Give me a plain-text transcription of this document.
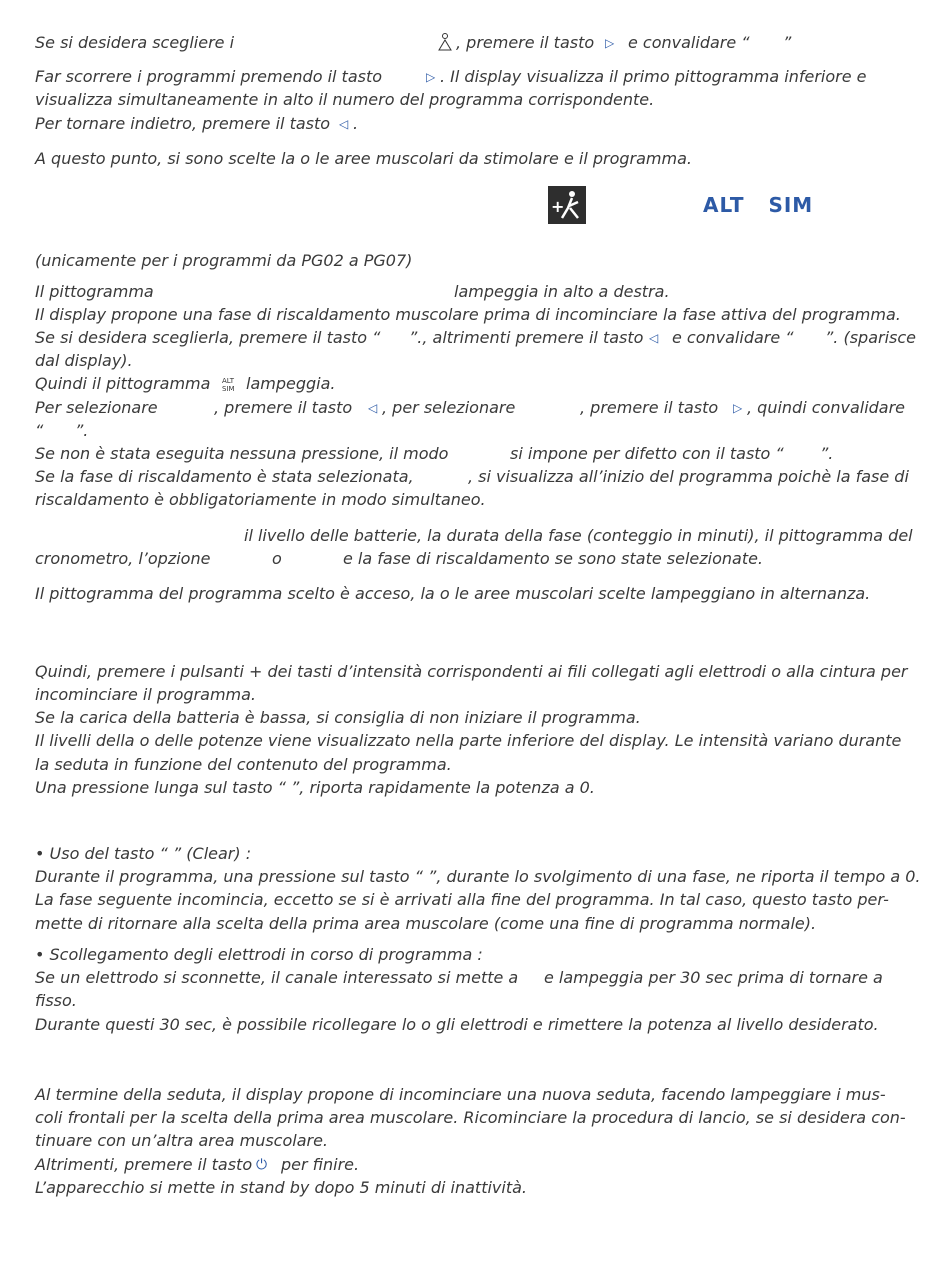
Se si desidera scegliere i	, premere il tasto ▷ e convalidare “ ”
Far scorrere i programmi premendo il tasto	▷ . Il display visualizza il primo pittogramma inferiore e
visualizza simultaneamente in alto il numero del programma corrispondente.
Per tornare indietro, premere il tasto ◁ .
A questo punto, si sono scelte la o le aree muscolari da stimolare e il programma.
+	ALT   SIM
(unicamente per i programmi da PG02 a PG07)
Il pittogramma	lampeggia in alto a destra.
Il display propone una fase di riscaldamento muscolare prima di incominciare la fase attiva del programma.
Se si desidera sceglierla, premere il tasto “ ”., altrimenti premere il tasto ◁ e convalidare “ ”. (sparisce
dal display).
Quindi il pittogramma ALT
SIM lampeggia.
Per selezionare	, premere il tasto ◁ , per selezionare	, premere il tasto ▷ , quindi convalidare
“ ”.
Se non è stata eseguita nessuna pressione, il modo	si impone per difetto con il tasto “ ”.
Se la fase di riscaldamento è stata selezionata,	, si visualizza all’inizio del programma poichè la fase di
riscaldamento è obbligatoriamente in modo simultaneo.
il livello delle batterie, la durata della fase (conteggio in minuti), il pittogramma del
cronometro, l’opzione	o	e la fase di riscaldamento se sono state selezionate.
Il pittogramma del programma scelto è acceso, la o le aree muscolari scelte lampeggiano in alternanza.
Quindi, premere i pulsanti + dei tasti d’intensità corrispondenti ai fili collegati agli elettrodi o alla cintura per
incominciare il programma.
Se la carica della batteria è bassa, si consiglia di non iniziare il programma.
Il livelli della o delle potenze viene visualizzato nella parte inferiore del display. Le intensità variano durante
la seduta in funzione del contenuto del programma.
Una pressione lunga sul tasto “ ”, riporta rapidamente la potenza a 0.
• Uso del tasto “ ” (Clear) :
Durante il programma, una pressione sul tasto “ ”, durante lo svolgimento di una fase, ne riporta il tempo a 0.
La fase seguente incomincia, eccetto se si è arrivati alla fine del programma. In tal caso, questo tasto per-
mette di ritornare alla scelta della prima area muscolare (come una fine di programma normale).
• Scollegamento degli elettrodi in corso di programma :
Se un elettrodo si sconnette, il canale interessato si mette a e lampeggia per 30 sec prima di tornare a
fisso.
Durante questi 30 sec, è possibile ricollegare lo o gli elettrodi e rimettere la potenza al livello desiderato.
Al termine della seduta, il display propone di incominciare una nuova seduta, facendo lampeggiare i mus-
coli frontali per la scelta della prima area muscolare. Ricominciare la procedura di lancio, se si desidera con-
tinuare con un’altra area muscolare.
Altrimenti, premere il tasto ⏻ per finire.
L’apparecchio si mette in stand by dopo 5 minuti di inattività.
